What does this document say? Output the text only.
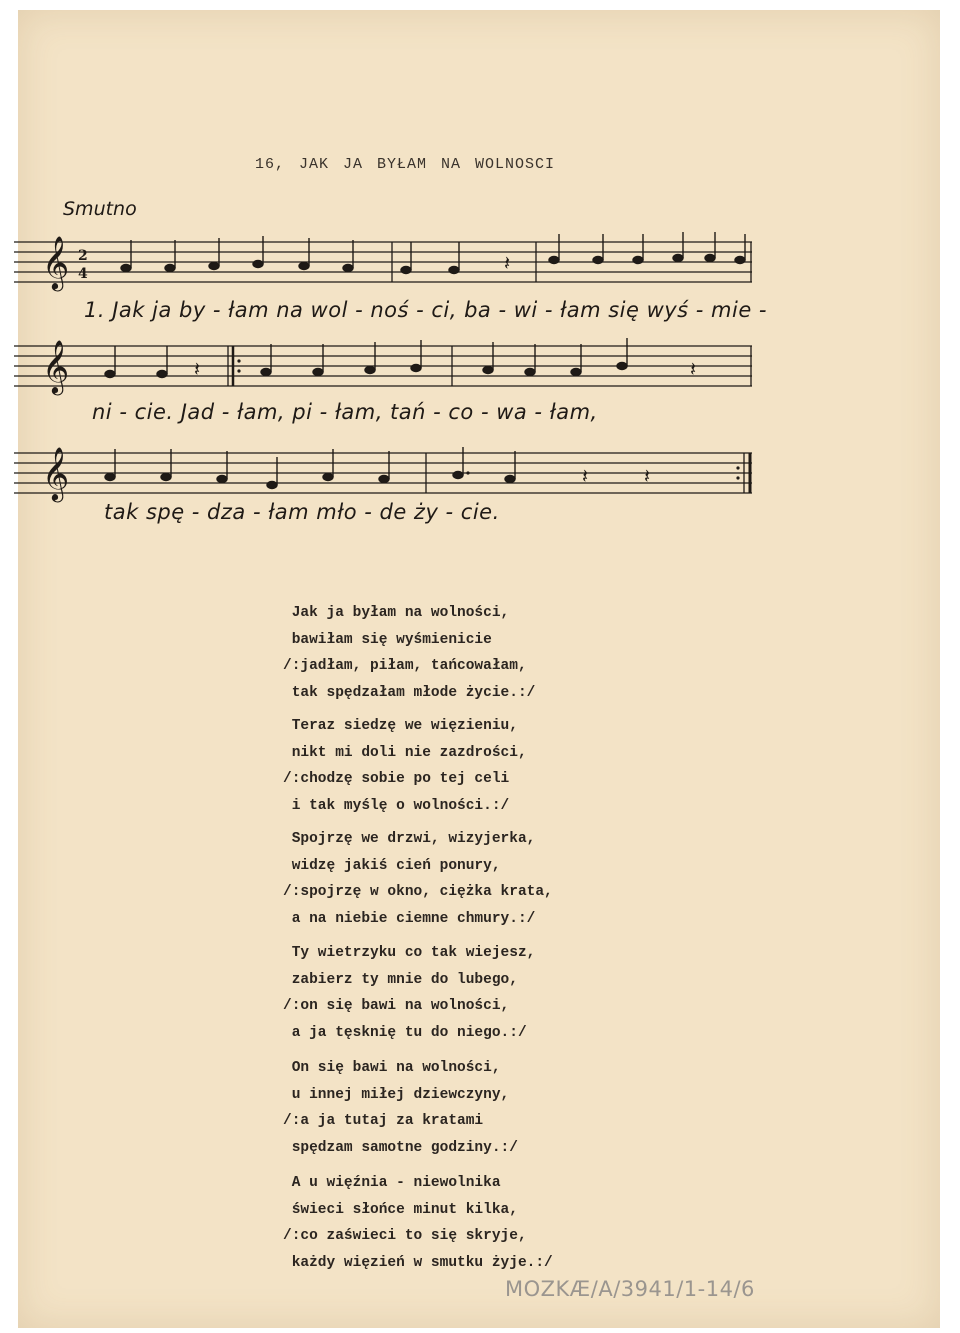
16, JAK JA BYŁAM NA WOLNOSCI
Smutno
𝄞 2
4	𝄽
1. Jak ja by - łam na wol - noś - ci, ba - wi - łam się wyś - mie -
𝄞	𝄽	𝄽
ni - cie. Jad - łam, pi - łam, tań - co - wa - łam,
𝄞	𝄽	𝄽
tak spę - dza - łam mło - de ży - cie.
Jak ja byłam na wolności,
bawiłam się wyśmienicie
/:jadłam, piłam, tańcowałam,
tak spędzałam młode życie.:/
Teraz siedzę we więzieniu,
nikt mi doli nie zazdrości,
/:chodzę sobie po tej celi
i tak myślę o wolności.:/
Spojrzę we drzwi, wizyjerka,
widzę jakiś cień ponury,
/:spojrzę w okno, ciężka krata,
a na niebie ciemne chmury.:/
Ty wietrzyku co tak wiejesz,
zabierz ty mnie do lubego,
/:on się bawi na wolności,
a ja tęsknię tu do niego.:/
On się bawi na wolności,
u innej miłej dziewczyny,
/:a ja tutaj za kratami
spędzam samotne godziny.:/
A u więźnia - niewolnika
świeci słońce minut kilka,
/:co zaświeci to się skryje,
każdy więzień w smutku żyje.:/
MOZKÆ/A/3941/1-14/6
